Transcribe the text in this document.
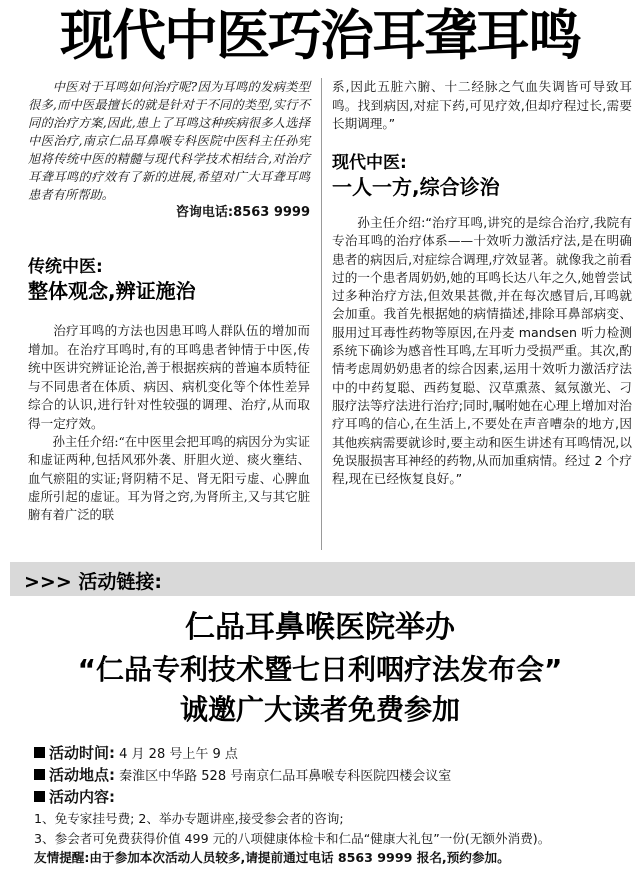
现代中医巧治耳聋耳鸣

中医对于耳鸣如何治疗呢?因为耳鸣的发病类型很多,而中医最擅长的就是针对于不同的类型,实行不同的治疗方案,因此,患上了耳鸣这种疾病很多人选择中医治疗,南京仁品耳鼻喉专科医院中医科主任孙宪旭将传统中医的精髓与现代科学技术相结合,对治疗耳聋耳鸣的疗效有了新的进展,希望对广大耳聋耳鸣患者有所帮助。

咨询电话:8563 9999
传统中医:
整体观念,辨证施治

治疗耳鸣的方法也因患耳鸣人群队伍的增加而增加。在治疗耳鸣时,有的耳鸣患者钟情于中医,传统中医讲究辨证论治,善于根据疾病的普遍本质特征与不同患者在体质、病因、病机变化等个体性差异综合的认识,进行针对性较强的调理、治疗,从而取得一定疗效。

孙主任介绍:“在中医里会把耳鸣的病因分为实证和虚证两种,包括风邪外袭、肝胆火逆、痰火壅结、血气瘀阻的实证;肾阴精不足、肾无阳亏虚、心脾血虚所引起的虚证。耳为肾之窍,为肾所主,又与其它脏腑有着广泛的联

系,因此五脏六腑、十二经脉之气血失调皆可导致耳鸣。找到病因,对症下药,可见疗效,但却疗程过长,需要长期调理。”

现代中医:
一人一方,综合诊治

孙主任介绍:“治疗耳鸣,讲究的是综合治疗,我院有专治耳鸣的治疗体系——十效听力激活疗法,是在明确患者的病因后,对症综合调理,疗效显著。就像我之前看过的一个患者周奶奶,她的耳鸣长达八年之久,她曾尝试过多种治疗方法,但效果甚微,并在每次感冒后,耳鸣就会加重。我首先根据她的病情描述,排除耳鼻部病变、服用过耳毒性药物等原因,在丹麦 mandsen 听力检测系统下确诊为感音性耳鸣,左耳听力受损严重。其次,酌情考虑周奶奶患者的综合因素,运用十效听力激活疗法中的中药复聪、西药复聪、汉草熏蒸、氦氖激光、刁服疗法等疗法进行治疗;同时,嘱咐她在心理上增加对治疗耳鸣的信心,在生活上,不要处在声音嘈杂的地方,因其他疾病需要就诊时,要主动和医生讲述有耳鸣情况,以免误服损害耳神经的药物,从而加重病情。经过 2 个疗程,现在已经恢复良好。”

>>> 活动链接:
仁品耳鼻喉医院举办
“仁品专利技术暨七日利咽疗法发布会”
诚邀广大读者免费参加
活动时间: 4 月 28 号上午 9 点
活动地点: 秦淮区中华路 528 号南京仁品耳鼻喉专科医院四楼会议室
活动内容:
1、免专家挂号费; 2、举办专题讲座,接受参会者的咨询;
3、参会者可免费获得价值 499 元的八项健康体检卡和仁品“健康大礼包”一份(无额外消费)。
友情提醒:由于参加本次活动人员较多,请提前通过电话 8563 9999 报名,预约参加。
